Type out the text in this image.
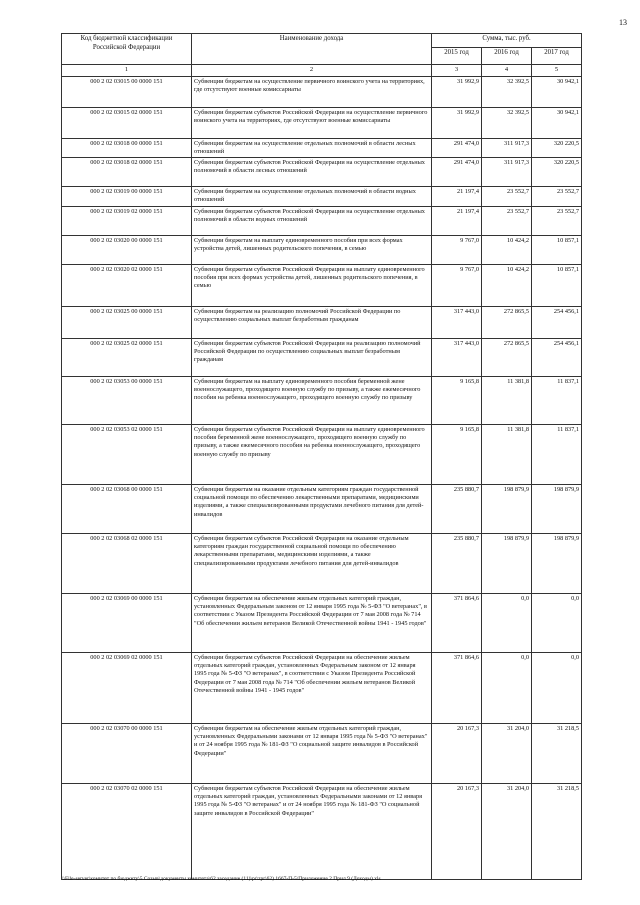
13
Код бюджетной классификации Российской Федерации	Наименование дохода	Сумма, тыс. руб.		
		2015 год	2016 год	2017 год
1	2	3	4	5
000 2 02 03015 00 0000 151	Субвенции бюджетам на осуществление первичного воинского учета на территориях, где отсутствуют военные комиссариаты	31 992,9	32 392,5	30 942,1
000 2 02 03015 02 0000 151	Субвенции бюджетам субъектов Российской Федерации на осуществление первичного воинского учета на территориях, где отсутствуют военные комиссариаты	31 992,9	32 392,5	30 942,1
000 2 02 03018 00 0000 151	Субвенции бюджетам на осуществление отдельных полномочий в области лесных отношений	291 474,0	311 917,3	320 220,5
000 2 02 03018 02 0000 151	Субвенции бюджетам субъектов Российской Федерации на осуществление отдельных полномочий в области лесных отношений	291 474,0	311 917,3	320 220,5
000 2 02 03019 00 0000 151	Субвенции бюджетам на осуществление отдельных полномочий в области водных отношений	21 197,4	23 552,7	23 552,7
000 2 02 03019 02 0000 151	Субвенции бюджетам субъектов Российской Федерации на осуществление отдельных полномочий в области водных отношений	21 197,4	23 552,7	23 552,7
000 2 02 03020 00 0000 151	Субвенции бюджетам на выплату единовременного пособия при всех формах устройства детей, лишенных родительского попечения, в семью	9 767,0	10 424,2	10 857,1
000 2 02 03020 02 0000 151	Субвенции бюджетам субъектов Российской Федерации на выплату единовременного пособия при всех формах устройства детей, лишенных родительского попечения, в семью	9 767,0	10 424,2	10 857,1
000 2 02 03025 00 0000 151	Субвенции бюджетам на реализацию полномочий Российской Федерации по осуществлению социальных выплат безработным гражданам	317 443,0	272 865,5	254 456,1
000 2 02 03025 02 0000 151	Субвенции бюджетам субъектов Российской Федерации на реализацию полномочий Российской Федерации по осуществлению социальных выплат безработным гражданам	317 443,0	272 865,5	254 456,1
000 2 02 03053 00 0000 151	Субвенции бюджетам на выплату единовременного пособия беременной жене военнослужащего, проходящего военную службу по призыву, а также ежемесячного пособия на ребенка военнослужащего, проходящего военную службу по призыву	9 165,8	11 381,8	11 837,1
000 2 02 03053 02 0000 151	Субвенции бюджетам субъектов Российской Федерации на выплату единовременного пособия беременной жене военнослужащего, проходящего военную службу по призыву, а также ежемесячного пособия на ребенка военнослужащего, проходящего военную службу по призыву	9 165,8	11 381,8	11 837,1
000 2 02 03068 00 0000 151	Субвенции бюджетам на оказание отдельным категориям граждан государственной социальной помощи по обеспечению лекарственными препаратами, медицинскими изделиями, а также специализированными продуктами лечебного питания для детей-инвалидов	235 880,7	198 879,9	198 879,9
000 2 02 03068 02 0000 151	Субвенции бюджетам субъектов Российской Федерации на оказание отдельным категориям граждан государственной социальной помощи по обеспечению лекарственными препаратами, медицинскими изделиями, а также специализированными продуктами лечебного питания для детей-инвалидов	235 880,7	198 879,9	198 879,9
000 2 02 03069 00 0000 151	Субвенции бюджетам на обеспечение жильем отдельных категорий граждан, установленных Федеральным законом от 12 января 1995 года № 5-ФЗ "О ветеранах", в соответствии с Указом Президента Российской Федерации от 7 мая 2008 года № 714 "Об обеспечении жильем ветеранов Великой Отечественной войны 1941 - 1945 годов"	371 864,6	0,0	0,0
000 2 02 03069 02 0000 151	Субвенции бюджетам субъектов Российской Федерации на обеспечение жильем отдельных категорий граждан, установленных Федеральным законом от 12 января 1995 года № 5-ФЗ "О ветеранах", в соответствии с Указом Президента Российской Федерации от 7 мая 2008 года № 714 "Об обеспечении жильем ветеранов Великой Отечественной войны 1941 - 1945 годов"	371 864,6	0,0	0,0
000 2 02 03070 00 0000 151	Субвенции бюджетам на обеспечение жильем отдельных категорий граждан, установленных Федеральными законами от 12 января 1995 года № 5-ФЗ "О ветеранах" и от 24 ноября 1995 года № 181-ФЗ "О социальной защите инвалидов в Российской Федерации"	20 167,3	31 204,0	31 218,5
000 2 02 03070 02 0000 151	Субвенции бюджетам субъектов Российской Федерации на обеспечение жильем отдельных категорий граждан, установленных Федеральными законами от 12 января 1995 года № 5-ФЗ "О ветеранах" и от 24 ноября 1995 года № 181-ФЗ "О социальной защите инвалидов в Российской Федерации"	20 167,3	31 204,0	31 218,5
\\File-server\комитет по бюджету\5 Созыв\документы комитета\62 заседание (11)\pr\zpr\62) 1667-П-5\Приложение 2 Прил 9 (Доходы).xls
